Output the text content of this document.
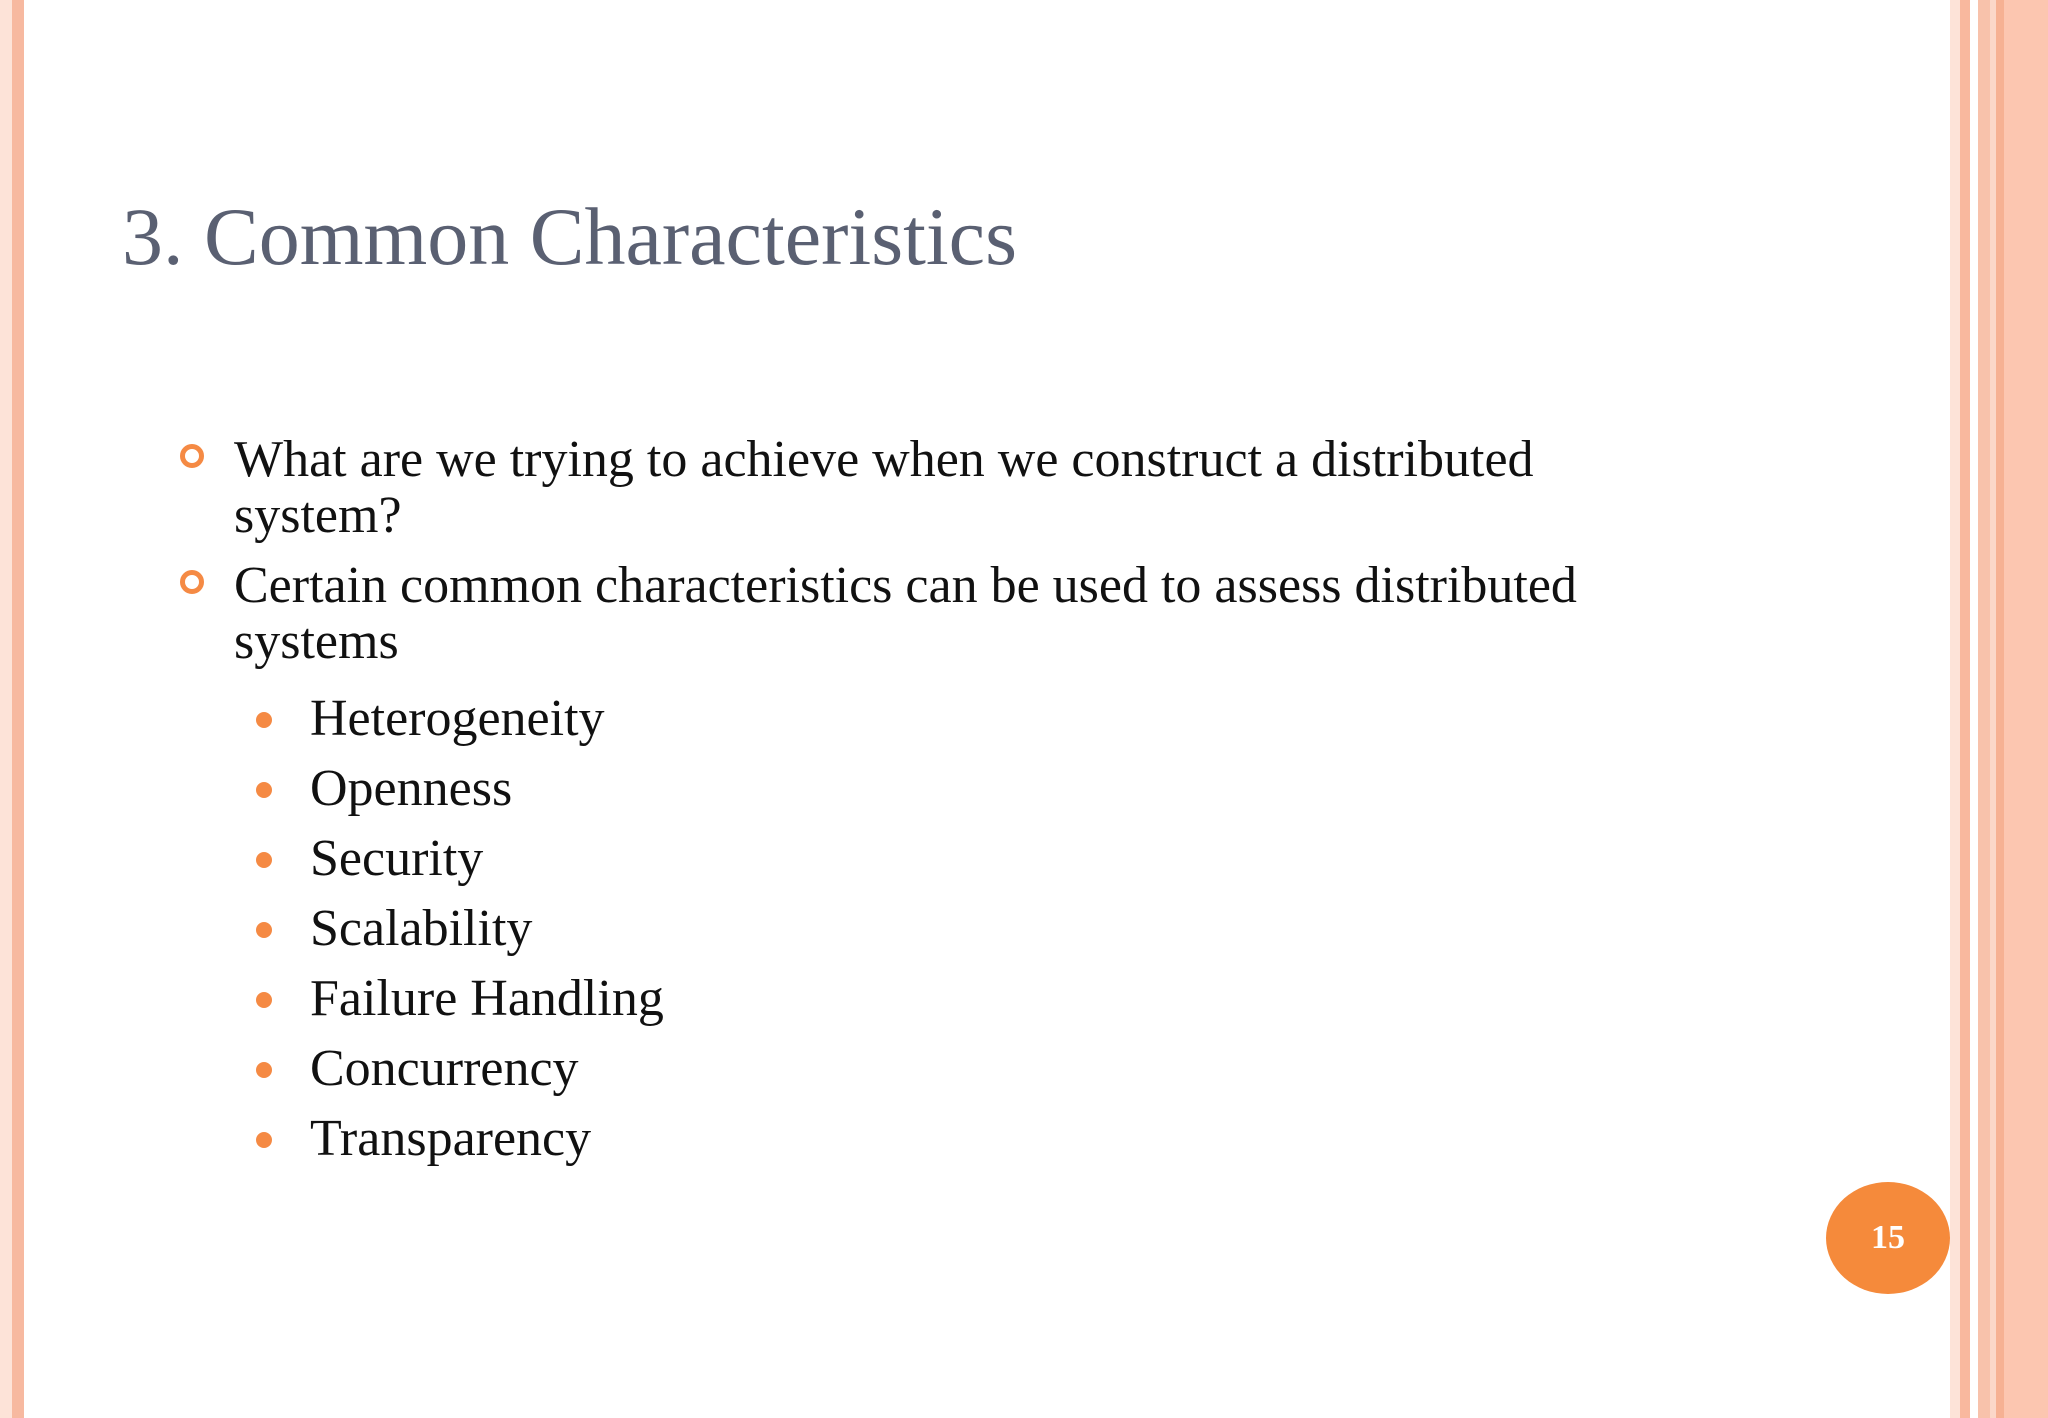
3. Common Characteristics
What are we trying to achieve when we construct a distributed system?
Certain common characteristics can be used to assess distributed systems
Heterogeneity
Openness
Security
Scalability
Failure Handling
Concurrency
Transparency
15
